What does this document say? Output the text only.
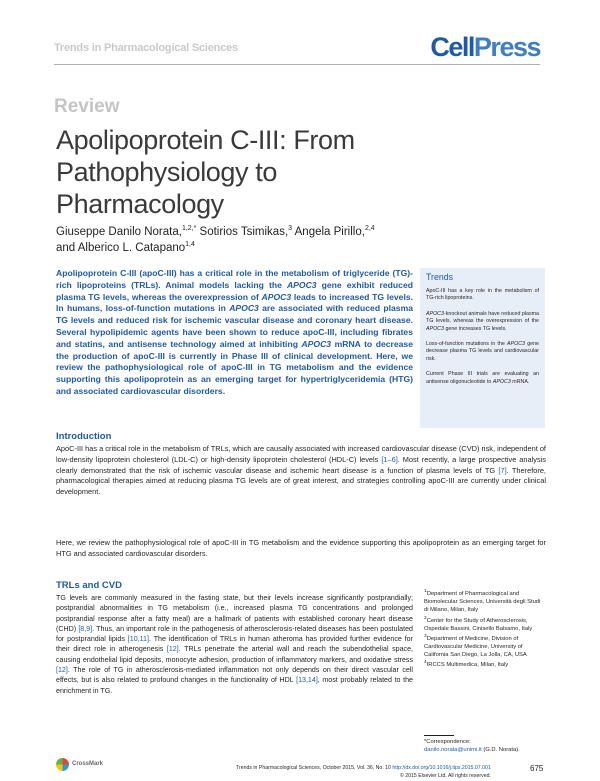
Trends in Pharmacological Sciences	CellPress
Review
Apolipoprotein C-III: From Pathophysiology to Pharmacology
Giuseppe Danilo Norata,$^{1,2,*}$ Sotirios Tsimikas,$^3$ Angela Pirillo,$^{2,4}$
and Alberico L. Catapano$^{1,4}$

Apolipoprotein C-III (apoC-III) has a critical role in the metabolism of triglyceride (TG)-rich lipoproteins (TRLs). Animal models lacking the APOC3 gene exhibit reduced plasma TG levels, whereas the overexpression of APOC3 leads to increased TG levels. In humans, loss-of-function mutations in APOC3 are associated with reduced plasma TG levels and reduced risk for ischemic vascular disease and coronary heart disease. Several hypolipidemic agents have been shown to reduce apoC-III, including fibrates and statins, and antisense technology aimed at inhibiting APOC3 mRNA to decrease the production of apoC-III is currently in Phase III of clinical development. Here, we review the pathophysiological role of apoC-III in TG metabolism and the evidence supporting this apolipoprotein as an emerging target for hypertriglyceridemia (HTG) and associated cardiovascular disorders.

Trends
ApoC-III has a key role in the metabolism of TG-rich lipoproteins.
APOC3-knockout animals have reduced plasma TG levels, whereas the overexpression of the APOC3 gene increases TG levels.
Loss-of-function mutations in the APOC3 gene decrease plasma TG levels and cardiovascular risk.
Current Phase III trials are evaluating an antisense oligonucleotide to APOC3 mRNA.
Introduction

ApoC-III has a critical role in the metabolism of TRLs, which are causally associated with increased cardiovascular disease (CVD) risk, independent of low-density lipoprotein cholesterol (LDL-C) or high-density lipoprotein cholesterol (HDL-C) levels [1–6]. Most recently, a large prospective analysis clearly demonstrated that the risk of ischemic vascular disease and ischemic heart disease is a function of plasma levels of TG [7]. Therefore, pharmacological therapies aimed at reducing plasma TG levels are of great interest, and strategies controlling apoC-III are currently under clinical development.

Here, we review the pathophysiological role of apoC-III in TG metabolism and the evidence supporting this apolipoprotein as an emerging target for HTG and associated cardiovascular disorders.

TRLs and CVD

TG levels are commonly measured in the fasting state, but their levels increase significantly postprandially; postprandial abnormalities in TG metabolism (i.e., increased plasma TG concentrations and prolonged postprandial response after a fatty meal) are a hallmark of patients with established coronary heart disease (CHD) [8,9]. Thus, an important role in the pathogenesis of atherosclerosis-related diseases has been postulated for postprandial lipids [10,11]. The identification of TRLs in human atheroma has provided further evidence for their direct role in atherogenesis [12]. TRLs penetrate the arterial wall and reach the subendothelial space, causing endothelial lipid deposits, monocyte adhesion, production of inflammatory markers, and oxidative stress [12]. The role of TG in atherosclerosis-mediated inflammation not only depends on their direct vascular cell effects, but is also related to profound changes in the functionality of HDL [13,14], most probably related to the enrichment in TG.

$^1$Department of Pharmacological and Biomolecular Sciences, Università degli Studi di Milano, Milan, Italy
$^2$Center for the Study of Atherosclerosis, Ospedale Bassini, Cinisello Balsamo, Italy
$^3$Department of Medicine, Division of Cardiovascular Medicine, University of California San Diego, La Jolla, CA, USA
$^4$IRCCS Multimedica, Milan, Italy
*Correspondence:
danilo.norata@unimi.it (G.D. Norata).
CrossMark
Trends in Pharmacological Sciences, October 2015, Vol. 36, No. 10 http://dx.doi.org/10.1016/j.tips.2015.07.001	675
© 2015 Elsevier Ltd. All rights reserved.
